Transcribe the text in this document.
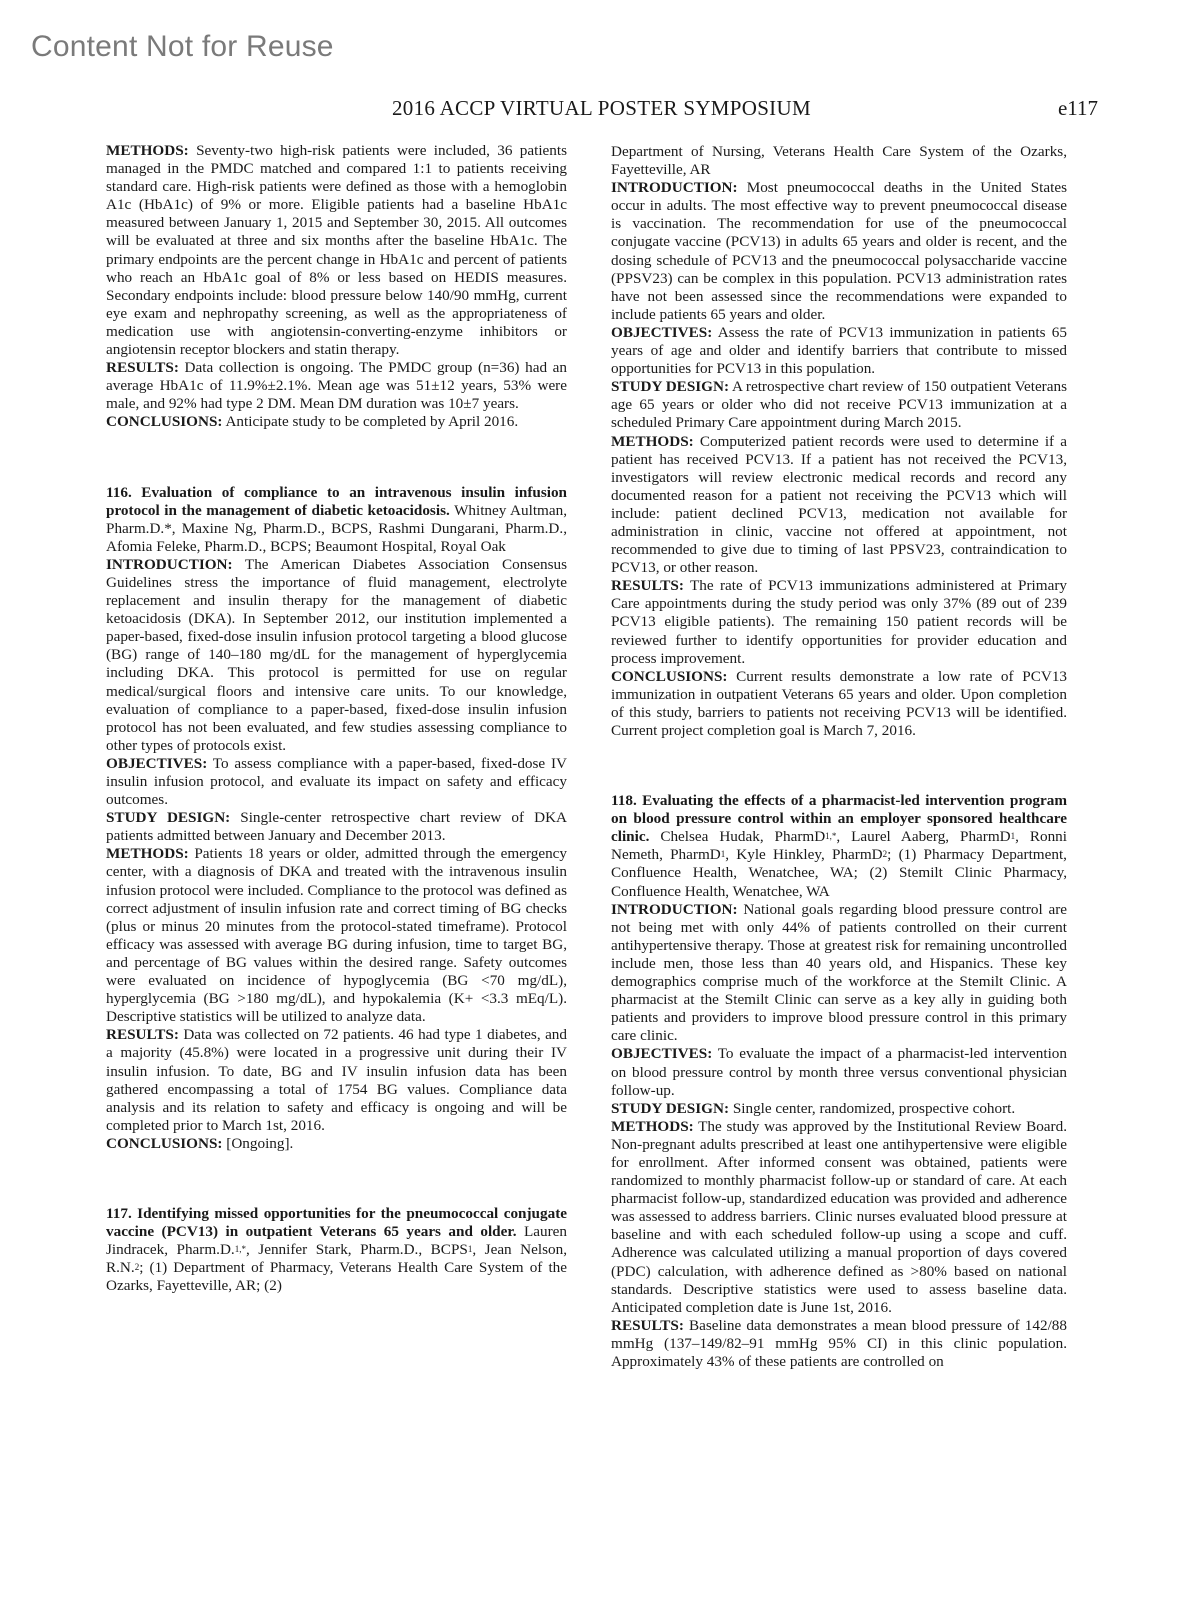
Content Not for Reuse
2016 ACCP VIRTUAL POSTER SYMPOSIUM	e117

METHODS: Seventy-two high-risk patients were included, 36 patients managed in the PMDC matched and compared 1:1 to patients receiving standard care. High-risk patients were defined as those with a hemoglobin A1c (HbA1c) of 9% or more. Eligible patients had a baseline HbA1c measured between January 1, 2015 and September 30, 2015. All outcomes will be evaluated at three and six months after the baseline HbA1c. The primary endpoints are the percent change in HbA1c and percent of patients who reach an HbA1c goal of 8% or less based on HEDIS measures. Secondary endpoints include: blood pressure below 140/90 mmHg, current eye exam and nephropathy screening, as well as the appropriateness of medication use with angiotensin-converting-enzyme inhibitors or angiotensin receptor blockers and statin therapy.

RESULTS: Data collection is ongoing. The PMDC group (n=36) had an average HbA1c of 11.9%±2.1%. Mean age was 51±12 years, 53% were male, and 92% had type 2 DM. Mean DM duration was 10±7 years.

CONCLUSIONS: Anticipate study to be completed by April 2016.

116. Evaluation of compliance to an intravenous insulin infusion protocol in the management of diabetic ketoacidosis. Whitney Aultman, Pharm.D.*, Maxine Ng, Pharm.D., BCPS, Rashmi Dungarani, Pharm.D., Afomia Feleke, Pharm.D., BCPS; Beaumont Hospital, Royal Oak

INTRODUCTION: The American Diabetes Association Consensus Guidelines stress the importance of fluid management, electrolyte replacement and insulin therapy for the management of diabetic ketoacidosis (DKA). In September 2012, our institution implemented a paper-based, fixed-dose insulin infusion protocol targeting a blood glucose (BG) range of 140–180 mg/dL for the management of hyperglycemia including DKA. This protocol is permitted for use on regular medical/surgical floors and intensive care units. To our knowledge, evaluation of compliance to a paper-based, fixed-dose insulin infusion protocol has not been evaluated, and few studies assessing compliance to other types of protocols exist.

OBJECTIVES: To assess compliance with a paper-based, fixed-dose IV insulin infusion protocol, and evaluate its impact on safety and efficacy outcomes.

STUDY DESIGN: Single-center retrospective chart review of DKA patients admitted between January and December 2013.

METHODS: Patients 18 years or older, admitted through the emergency center, with a diagnosis of DKA and treated with the intravenous insulin infusion protocol were included. Compliance to the protocol was defined as correct adjustment of insulin infusion rate and correct timing of BG checks (plus or minus 20 minutes from the protocol-stated timeframe). Protocol efficacy was assessed with average BG during infusion, time to target BG, and percentage of BG values within the desired range. Safety outcomes were evaluated on incidence of hypoglycemia (BG <70 mg/dL), hyperglycemia (BG >180 mg/dL), and hypokalemia (K+ <3.3 mEq/L). Descriptive statistics will be utilized to analyze data.

RESULTS: Data was collected on 72 patients. 46 had type 1 diabetes, and a majority (45.8%) were located in a progressive unit during their IV insulin infusion. To date, BG and IV insulin infusion data has been gathered encompassing a total of 1754 BG values. Compliance data analysis and its relation to safety and efficacy is ongoing and will be completed prior to March 1st, 2016.

CONCLUSIONS: [Ongoing].

117. Identifying missed opportunities for the pneumococcal conjugate vaccine (PCV13) in outpatient Veterans 65 years and older. Lauren Jindracek, Pharm.D.$^{1,*}$, Jennifer Stark, Pharm.D., BCPS$^1$, Jean Nelson, R.N.$^2$; (1) Department of Pharmacy, Veterans Health Care System of the Ozarks, Fayetteville, AR; (2)

Department of Nursing, Veterans Health Care System of the Ozarks, Fayetteville, AR

INTRODUCTION: Most pneumococcal deaths in the United States occur in adults. The most effective way to prevent pneumococcal disease is vaccination. The recommendation for use of the pneumococcal conjugate vaccine (PCV13) in adults 65 years and older is recent, and the dosing schedule of PCV13 and the pneumococcal polysaccharide vaccine (PPSV23) can be complex in this population. PCV13 administration rates have not been assessed since the recommendations were expanded to include patients 65 years and older.

OBJECTIVES: Assess the rate of PCV13 immunization in patients 65 years of age and older and identify barriers that contribute to missed opportunities for PCV13 in this population.

STUDY DESIGN: A retrospective chart review of 150 outpatient Veterans age 65 years or older who did not receive PCV13 immunization at a scheduled Primary Care appointment during March 2015.

METHODS: Computerized patient records were used to determine if a patient has received PCV13. If a patient has not received the PCV13, investigators will review electronic medical records and record any documented reason for a patient not receiving the PCV13 which will include: patient declined PCV13, medication not available for administration in clinic, vaccine not offered at appointment, not recommended to give due to timing of last PPSV23, contraindication to PCV13, or other reason.

RESULTS: The rate of PCV13 immunizations administered at Primary Care appointments during the study period was only 37% (89 out of 239 PCV13 eligible patients). The remaining 150 patient records will be reviewed further to identify opportunities for provider education and process improvement.

CONCLUSIONS: Current results demonstrate a low rate of PCV13 immunization in outpatient Veterans 65 years and older. Upon completion of this study, barriers to patients not receiving PCV13 will be identified. Current project completion goal is March 7, 2016.

118. Evaluating the effects of a pharmacist-led intervention program on blood pressure control within an employer sponsored healthcare clinic. Chelsea Hudak, PharmD$^{1,*}$, Laurel Aaberg, PharmD$^1$, Ronni Nemeth, PharmD$^1$, Kyle Hinkley, PharmD$^2$; (1) Pharmacy Department, Confluence Health, Wenatchee, WA; (2) Stemilt Clinic Pharmacy, Confluence Health, Wenatchee, WA

INTRODUCTION: National goals regarding blood pressure control are not being met with only 44% of patients controlled on their current antihypertensive therapy. Those at greatest risk for remaining uncontrolled include men, those less than 40 years old, and Hispanics. These key demographics comprise much of the workforce at the Stemilt Clinic. A pharmacist at the Stemilt Clinic can serve as a key ally in guiding both patients and providers to improve blood pressure control in this primary care clinic.

OBJECTIVES: To evaluate the impact of a pharmacist-led intervention on blood pressure control by month three versus conventional physician follow-up.

STUDY DESIGN: Single center, randomized, prospective cohort.

METHODS: The study was approved by the Institutional Review Board. Non-pregnant adults prescribed at least one antihypertensive were eligible for enrollment. After informed consent was obtained, patients were randomized to monthly pharmacist follow-up or standard of care. At each pharmacist follow-up, standardized education was provided and adherence was assessed to address barriers. Clinic nurses evaluated blood pressure at baseline and with each scheduled follow-up using a scope and cuff. Adherence was calculated utilizing a manual proportion of days covered (PDC) calculation, with adherence defined as >80% based on national standards. Descriptive statistics were used to assess baseline data. Anticipated completion date is June 1st, 2016.

RESULTS: Baseline data demonstrates a mean blood pressure of 142/88 mmHg (137–149/82–91 mmHg 95% CI) in this clinic population. Approximately 43% of these patients are controlled on
